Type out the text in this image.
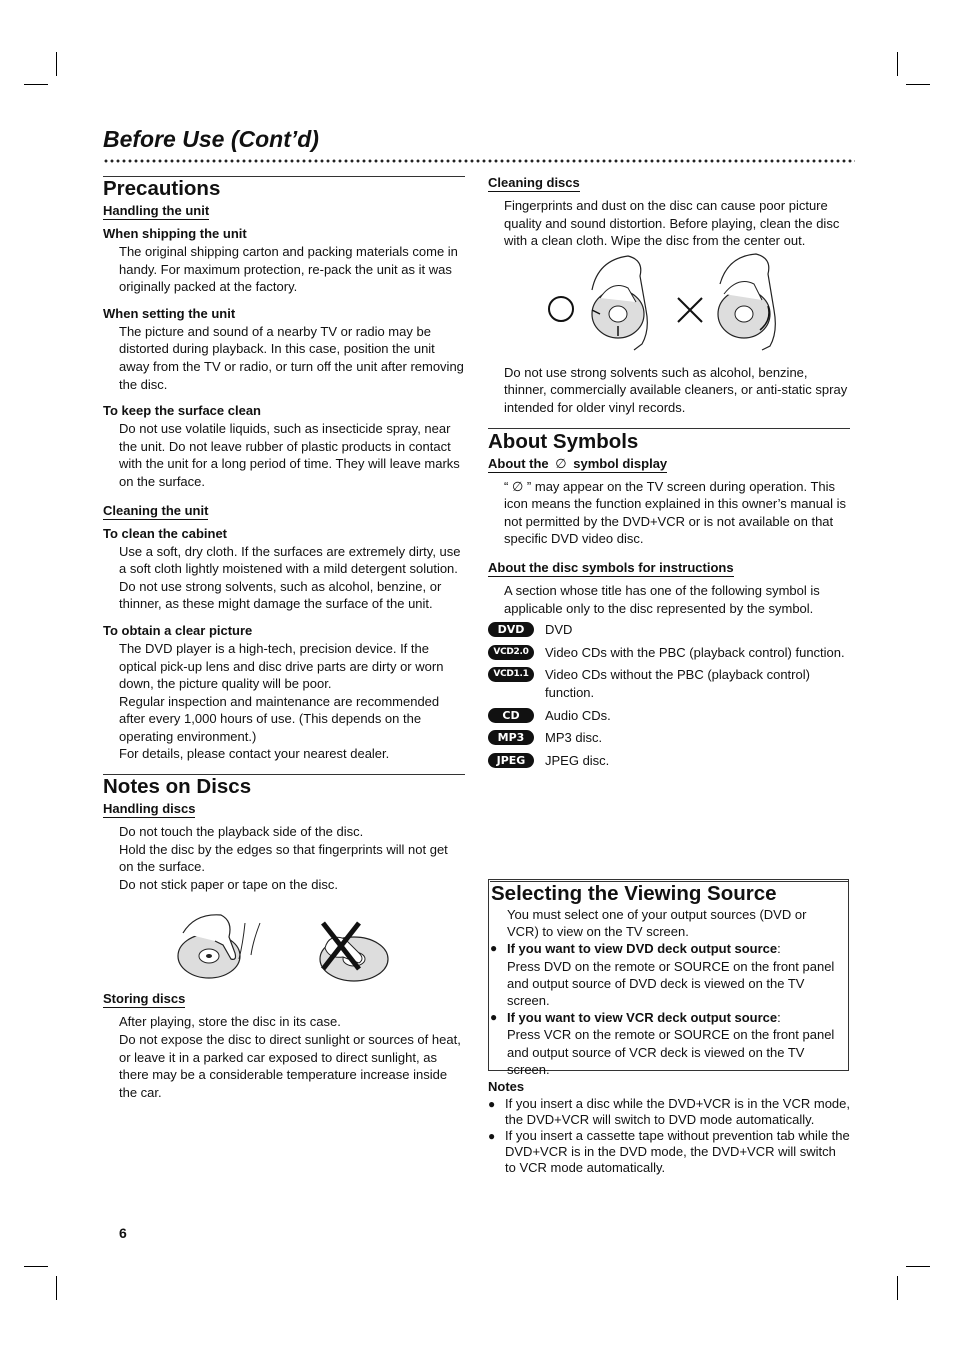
Before Use (Cont’d)
Precautions
Handling the unit
When shipping the unit

The original shipping carton and packing materials come in handy. For maximum protection, re-pack the unit as it was originally packed at the factory.

When setting the unit

The picture and sound of a nearby TV or radio may be distorted during playback. In this case, position the unit away from the TV or radio, or turn off the unit after removing the disc.

To keep the surface clean

Do not use volatile liquids, such as insecticide spray, near the unit. Do not leave rubber of plastic products in contact with the unit for a long period of time. They will leave marks on the surface.

Cleaning the unit
To clean the cabinet

Use a soft, dry cloth. If the surfaces are extremely dirty, use a soft cloth lightly moistened with a mild detergent solution. Do not use strong solvents, such as alcohol, benzine, or thinner, as these might damage the surface of the unit.

To obtain a clear picture

The DVD player is a high-tech, precision device. If the optical pick-up lens and disc drive parts are dirty or worn down, the picture quality will be poor.

Regular inspection and maintenance are recommended after every 1,000 hours of use. (This depends on the operating environment.)

For details, please contact your nearest dealer.

Notes on Discs
Handling discs

Do not touch the playback side of the disc.

Hold the disc by the edges so that fingerprints will not get on the surface.

Do not stick paper or tape on the disc.

Storing discs

After playing, store the disc in its case.

Do not expose the disc to direct sunlight or sources of heat, or leave it in a parked car exposed to direct sunlight, as there may be a considerable temperature increase inside the car.

Cleaning discs

Fingerprints and dust on the disc can cause poor picture quality and sound distortion. Before playing, clean the disc with a clean cloth. Wipe the disc from the center out.

Do not use strong solvents such as alcohol, benzine, thinner, commercially available cleaners, or anti-static spray intended for older vinyl records.

About Symbols
About the ∅ symbol display

“ ∅ ” may appear on the TV screen during operation. This icon means the function explained in this owner’s manual is not permitted by the DVD+VCR or is not available on that specific DVD video disc.

About the disc symbols for instructions

A section whose title has one of the following symbol is applicable only to the disc represented by the symbol.

DVD	DVD
VCD2.0	Video CDs with the PBC (playback control) function.
VCD1.1	Video CDs without the PBC (playback control) function.
CD	Audio CDs.
MP3	MP3 disc.
JPEG	JPEG disc.
Selecting the Viewing Source

You must select one of your output sources (DVD or VCR) to view on the TV screen.

● If you want to view DVD deck output source:

Press DVD on the remote or SOURCE on the front panel and output source of DVD deck is viewed on the TV screen.

● If you want to view VCR deck output source:

Press VCR on the remote or SOURCE on the front panel and output source of VCR deck is viewed on the TV screen.

Notes
● If you insert a disc while the DVD+VCR is in the VCR mode, the DVD+VCR will switch to DVD mode automatically.
● If you insert a cassette tape without prevention tab while the DVD+VCR is in the DVD mode, the DVD+VCR will switch to VCR mode automatically.
6
